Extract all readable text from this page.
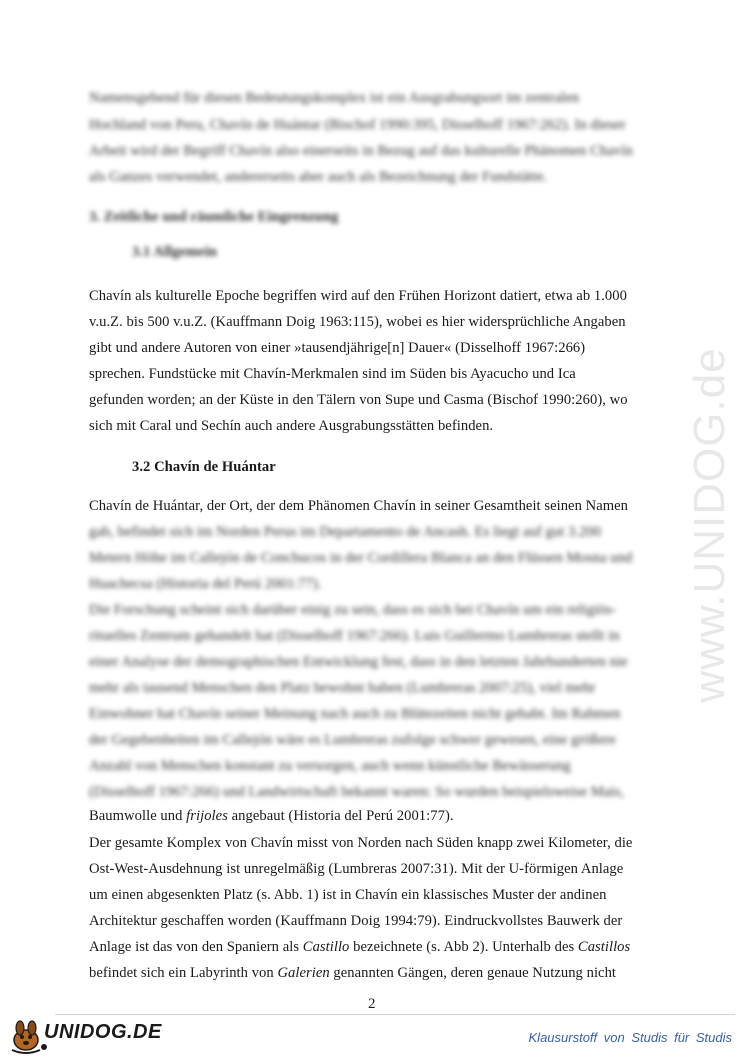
www.UNIDOG.de
Namensgebend für diesen Bedeutungskomplex ist ein Ausgrabungsort im zentralen
Hochland von Peru, Chavín de Huántar (Bischof 1990:395, Disselhoff 1967:262). In dieser
Arbeit wird der Begriff Chavín also einerseits in Bezug auf das kulturelle Phänomen Chavín
als Ganzes verwendet, andererseits aber auch als Bezeichnung der Fundstätte.
3. Zeitliche und räumliche Eingrenzung
3.1 Allgemein
Chavín als kulturelle Epoche begriffen wird auf den Frühen Horizont datiert, etwa ab 1.000
v.u.Z. bis 500 v.u.Z. (Kauffmann Doig 1963:115), wobei es hier widersprüchliche Angaben
gibt und andere Autoren von einer »tausendjährige[n] Dauer« (Disselhoff 1967:266)
sprechen. Fundstücke mit Chavín-Merkmalen sind im Süden bis Ayacucho und Ica
gefunden worden; an der Küste in den Tälern von Supe und Casma (Bischof 1990:260), wo
sich mit Caral und Sechín auch andere Ausgrabungsstätten befinden.
3.2 Chavín de Huántar
Chavín de Huántar, der Ort, der dem Phänomen Chavín in seiner Gesamtheit seinen Namen
gab, befindet sich im Norden Perus im Departamento de Ancash. Es liegt auf gut 3.200
Metern Höhe im Callejón de Conchucos in der Cordillera Blanca an den Flüssen Mosna und
Huachecsa (Historia del Perú 2001:77).
Die Forschung scheint sich darüber einig zu sein, dass es sich bei Chavín um ein religiös-
rituelles Zentrum gehandelt hat (Disselhoff 1967:266). Luis Guillermo Lumbreras stellt in
einer Analyse der demographischen Entwicklung fest, dass in den letzten Jahrhunderten nie
mehr als tausend Menschen den Platz bewohnt haben (Lumbreras 2007:25), viel mehr
Einwohner hat Chavín seiner Meinung nach auch zu Blütezeiten nicht gehabt. Im Rahmen
der Gegebenheiten im Callejón wäre es Lumbreras zufolge schwer gewesen, eine größere
Anzahl von Menschen konstant zu versorgen, auch wenn künstliche Bewässerung
(Disselhoff 1967:266) und Landwirtschaft bekannt waren: So wurden beispielsweise Mais,
Baumwolle und frijoles angebaut (Historia del Perú 2001:77).
Der gesamte Komplex von Chavín misst von Norden nach Süden knapp zwei Kilometer, die
Ost-West-Ausdehnung ist unregelmäßig (Lumbreras 2007:31). Mit der U-förmigen Anlage
um einen abgesenkten Platz (s. Abb. 1) ist in Chavín ein klassisches Muster der andinen
Architektur geschaffen worden (Kauffmann Doig 1994:79). Eindruckvollstes Bauwerk der
Anlage ist das von den Spaniern als Castillo bezeichnete (s. Abb 2). Unterhalb des Castillos
befindet sich ein Labyrinth von Galerien genannten Gängen, deren genaue Nutzung nicht
2
UNIDOG.DE	Klausurstoff von Studis für Studis
